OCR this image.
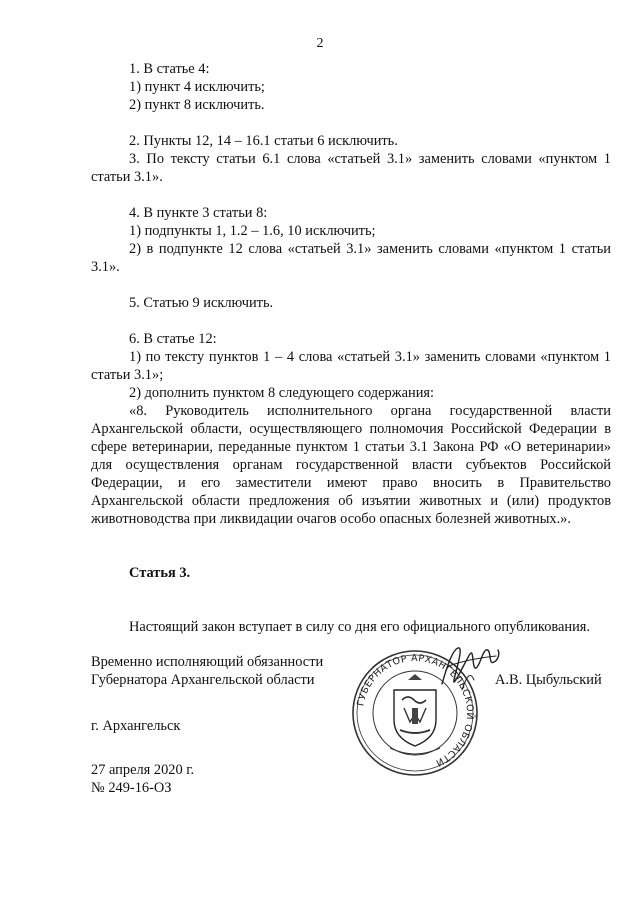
2

1. В статье 4:

1) пункт 4 исключить;

2) пункт 8 исключить.

2. Пункты 12, 14 – 16.1 статьи 6 исключить.

3. По тексту статьи 6.1 слова «статьей 3.1» заменить словами «пунктом 1 статьи 3.1».

4. В пункте 3 статьи 8:

1) подпункты 1, 1.2 – 1.6, 10 исключить;

2) в подпункте 12 слова «статьей 3.1» заменить словами «пунктом 1 статьи 3.1».

5. Статью 9 исключить.

6. В статье 12:

1) по тексту пунктов 1 – 4 слова «статьей 3.1» заменить словами «пунктом 1 статьи 3.1»;

2) дополнить пунктом 8 следующего содержания:

«8. Руководитель исполнительного органа государственной власти Архангельской области, осуществляющего полномочия Российской Федерации в сфере ветеринарии, переданные пунктом 1 статьи 3.1 Закона РФ «О ветеринарии» для осуществления органам государственной власти субъектов Российской Федерации, и его заместители имеют право вносить в Правительство Архангельской области предложения об изъятии животных и (или) продуктов животноводства при ликвидации очагов особо опасных болезней животных.».

Статья 3.

Настоящий закон вступает в силу со дня его официального опубликования.

Временно исполняющий обязанности
Губернатора Архангельской области
ГУБЕРНАТОР АРХАНГЕЛЬСКОЙ ОБЛАСТИ
А.В. Цыбульский
г. Архангельск
27 апреля 2020 г.
№ 249-16-ОЗ
